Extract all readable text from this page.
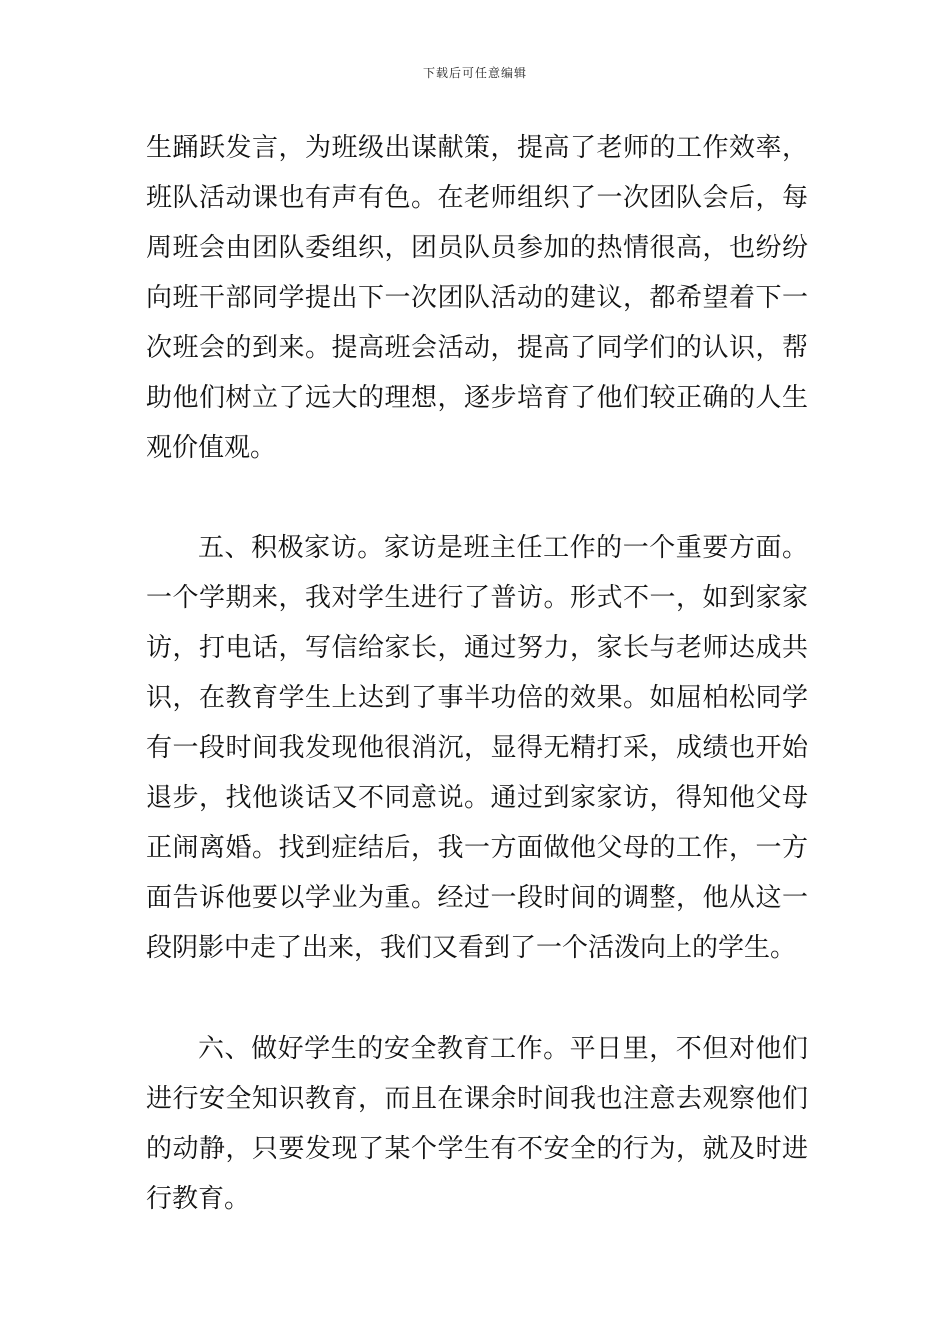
下载后可任意编辑
生踊跃发言，为班级出谋献策，提高了老师的工作效率，
班队活动课也有声有色。在老师组织了一次团队会后，每
周班会由团队委组织，团员队员参加的热情很高，也纷纷
向班干部同学提出下一次团队活动的建议，都希望着下一
次班会的到来。提高班会活动，提高了同学们的认识，帮
助他们树立了远大的理想，逐步培育了他们较正确的人生
观价值观。
五、积极家访。家访是班主任工作的一个重要方面。
一个学期来，我对学生进行了普访。形式不一，如到家家
访，打电话，写信给家长，通过努力，家长与老师达成共
识，在教育学生上达到了事半功倍的效果。如屈柏松同学
有一段时间我发现他很消沉，显得无精打采，成绩也开始
退步，找他谈话又不同意说。通过到家家访，得知他父母
正闹离婚。找到症结后，我一方面做他父母的工作，一方
面告诉他要以学业为重。经过一段时间的调整，他从这一
段阴影中走了出来，我们又看到了一个活泼向上的学生。
六、做好学生的安全教育工作。平日里，不但对他们
进行安全知识教育，而且在课余时间我也注意去观察他们
的动静，只要发现了某个学生有不安全的行为，就及时进
行教育。
